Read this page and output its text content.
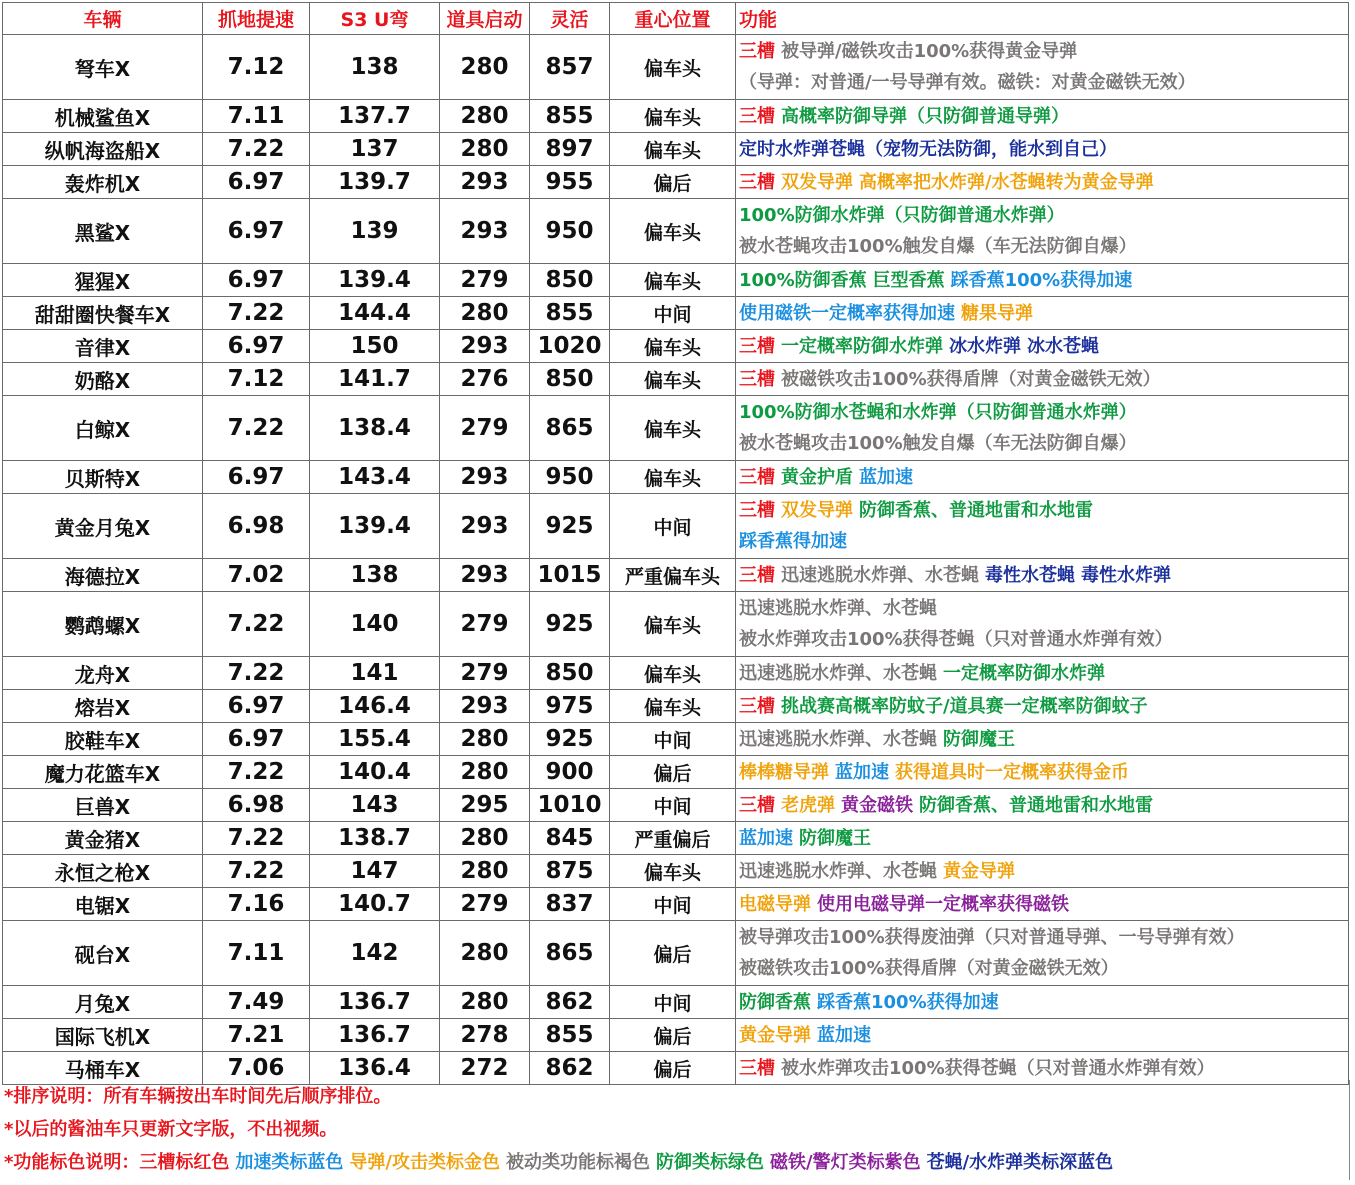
车辆	抓地提速	S3 U弯	道具启动	灵活	重心位置	功能
弩车X	7.12	138	280	857	偏车头	三槽 被导弹/磁铁攻击100%获得黄金导弹
（导弹：对普通/一号导弹有效。磁铁：对黄金磁铁无效）

机械鲨鱼X	7.11	137.7	280	855	偏车头	三槽 高概率防御导弹（只防御普通导弹）

纵帆海盗船X	7.22	137	280	897	偏车头	定时水炸弹苍蝇（宠物无法防御，能水到自己）

轰炸机X	6.97	139.7	293	955	偏后	三槽 双发导弹 高概率把水炸弹/水苍蝇转为黄金导弹

黑鲨X	6.97	139	293	950	偏车头	100%防御水炸弹（只防御普通水炸弹）
被水苍蝇攻击100%触发自爆（车无法防御自爆）

猩猩X	6.97	139.4	279	850	偏车头	100%防御香蕉 巨型香蕉 踩香蕉100%获得加速

甜甜圈快餐车X	7.22	144.4	280	855	中间	使用磁铁一定概率获得加速 糖果导弹

音律X	6.97	150	293	1020	偏车头	三槽 一定概率防御水炸弹 冰水炸弹 冰水苍蝇

奶酪X	7.12	141.7	276	850	偏车头	三槽 被磁铁攻击100%获得盾牌（对黄金磁铁无效）

白鲸X	7.22	138.4	279	865	偏车头	100%防御水苍蝇和水炸弹（只防御普通水炸弹）
被水苍蝇攻击100%触发自爆（车无法防御自爆）

贝斯特X	6.97	143.4	293	950	偏车头	三槽 黄金护盾 蓝加速

黄金月兔X	6.98	139.4	293	925	中间	三槽 双发导弹 防御香蕉、普通地雷和水地雷
踩香蕉得加速

海德拉X	7.02	138	293	1015	严重偏车头	三槽 迅速逃脱水炸弹、水苍蝇 毒性水苍蝇 毒性水炸弹

鹦鹉螺X	7.22	140	279	925	偏车头	迅速逃脱水炸弹、水苍蝇
被水炸弹攻击100%获得苍蝇（只对普通水炸弹有效）

龙舟X	7.22	141	279	850	偏车头	迅速逃脱水炸弹、水苍蝇 一定概率防御水炸弹

熔岩X	6.97	146.4	293	975	偏车头	三槽 挑战赛高概率防蚊子/道具赛一定概率防御蚊子

胶鞋车X	6.97	155.4	280	925	中间	迅速逃脱水炸弹、水苍蝇 防御魔王

魔力花篮车X	7.22	140.4	280	900	偏后	棒棒糖导弹 蓝加速 获得道具时一定概率获得金币

巨兽X	6.98	143	295	1010	中间	三槽 老虎弹 黄金磁铁 防御香蕉、普通地雷和水地雷

黄金猪X	7.22	138.7	280	845	严重偏后	蓝加速 防御魔王

永恒之枪X	7.22	147	280	875	偏车头	迅速逃脱水炸弹、水苍蝇 黄金导弹

电锯X	7.16	140.7	279	837	中间	电磁导弹 使用电磁导弹一定概率获得磁铁

砚台X	7.11	142	280	865	偏后	被导弹攻击100%获得废油弹（只对普通导弹、一号导弹有效）
被磁铁攻击100%获得盾牌（对黄金磁铁无效）

月兔X	7.49	136.7	280	862	中间	防御香蕉 踩香蕉100%获得加速

国际飞机X	7.21	136.7	278	855	偏后	黄金导弹 蓝加速

马桶车X	7.06	136.4	272	862	偏后	三槽 被水炸弹攻击100%获得苍蝇（只对普通水炸弹有效）
*排序说明：所有车辆按出车时间先后顺序排位。
*以后的酱油车只更新文字版，不出视频。
*功能标色说明：三槽标红色 加速类标蓝色 导弹/攻击类标金色 被动类功能标褐色 防御类标绿色 磁铁/警灯类标紫色 苍蝇/水炸弹类标深蓝色
